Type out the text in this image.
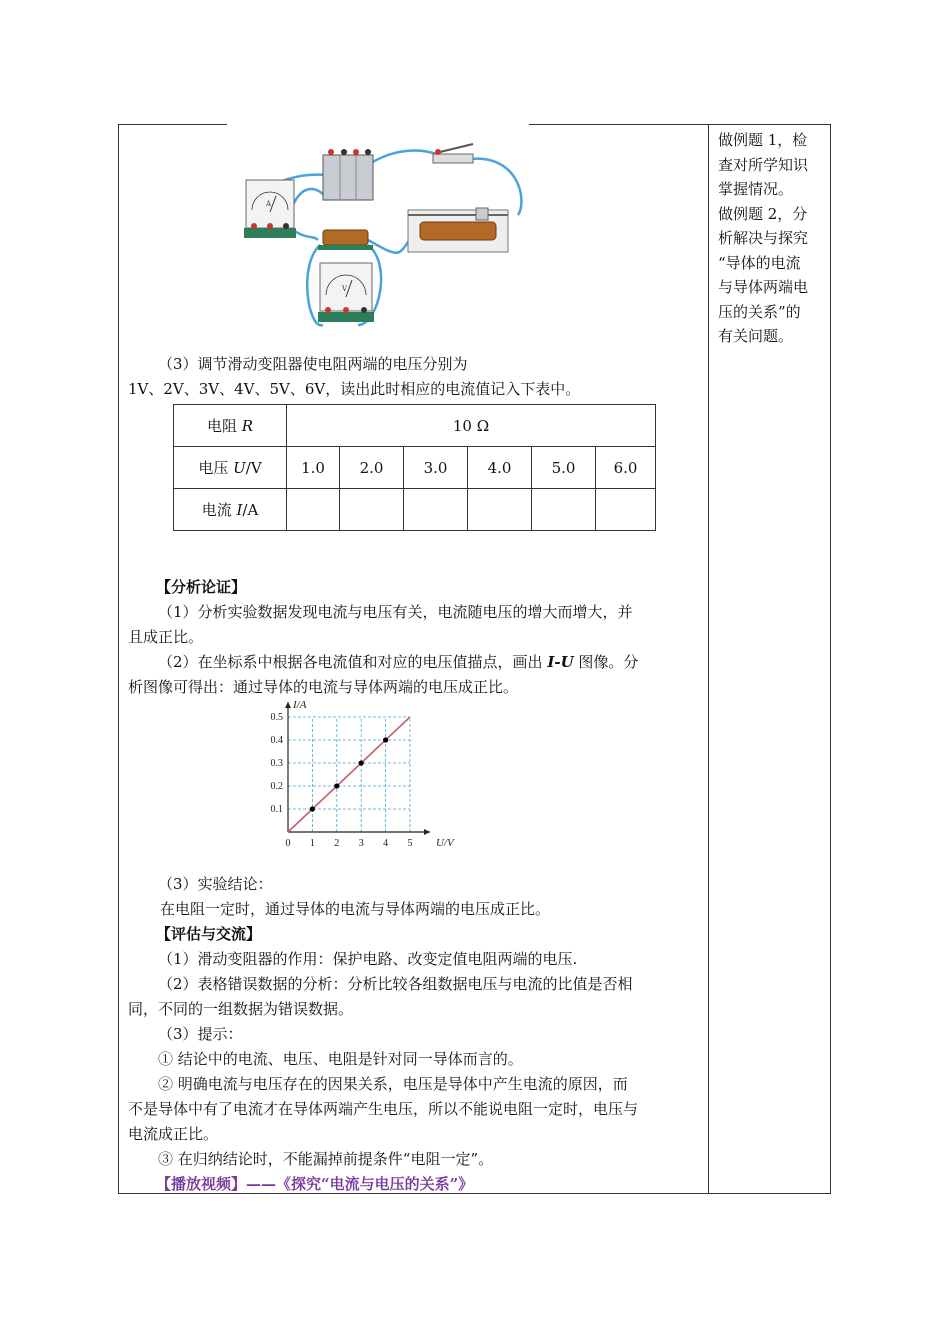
做例题 1，检
查对所学知识
掌握情况。
做例题 2，分
析解决与探究
“导体的电流
与导体两端电
压的关系”的
有关问题。
A
V

（3）调节滑动变阻器使电阻两端的电压分别为

1V、2V、3V、4V、5V、6V，读出此时相应的电流值记入下表中。

电阻 R	10 Ω					
电压 U/V	1.0	2.0	3.0	4.0	5.0	6.0
电流 I/A						

【分析论证】

（1）分析实验数据发现电流与电压有关，电流随电压的增大而增大，并

且成正比。

（2）在坐标系中根据各电流值和对应的电压值描点，画出 I-U 图像。分

析图像可得出：通过导体的电流与导体两端的电压成正比。

0 1 2 3 4 5
0.1
0.2
0.3
0.4
0.5
U/V
I/A

（3）实验结论：

在电阻一定时，通过导体的电流与导体两端的电压成正比。

【评估与交流】

（1）滑动变阻器的作用：保护电路、改变定值电阻两端的电压.

（2）表格错误数据的分析：分析比较各组数据电压与电流的比值是否相

同，不同的一组数据为错误数据。

（3）提示：

① 结论中的电流、电压、电阻是针对同一导体而言的。

② 明确电流与电压存在的因果关系，电压是导体中产生电流的原因，而

不是导体中有了电流才在导体两端产生电压，所以不能说电阻一定时，电压与

电流成正比。

③ 在归纳结论时，不能漏掉前提条件“电阻一定”。

【播放视频】——《探究“电流与电压的关系”》
